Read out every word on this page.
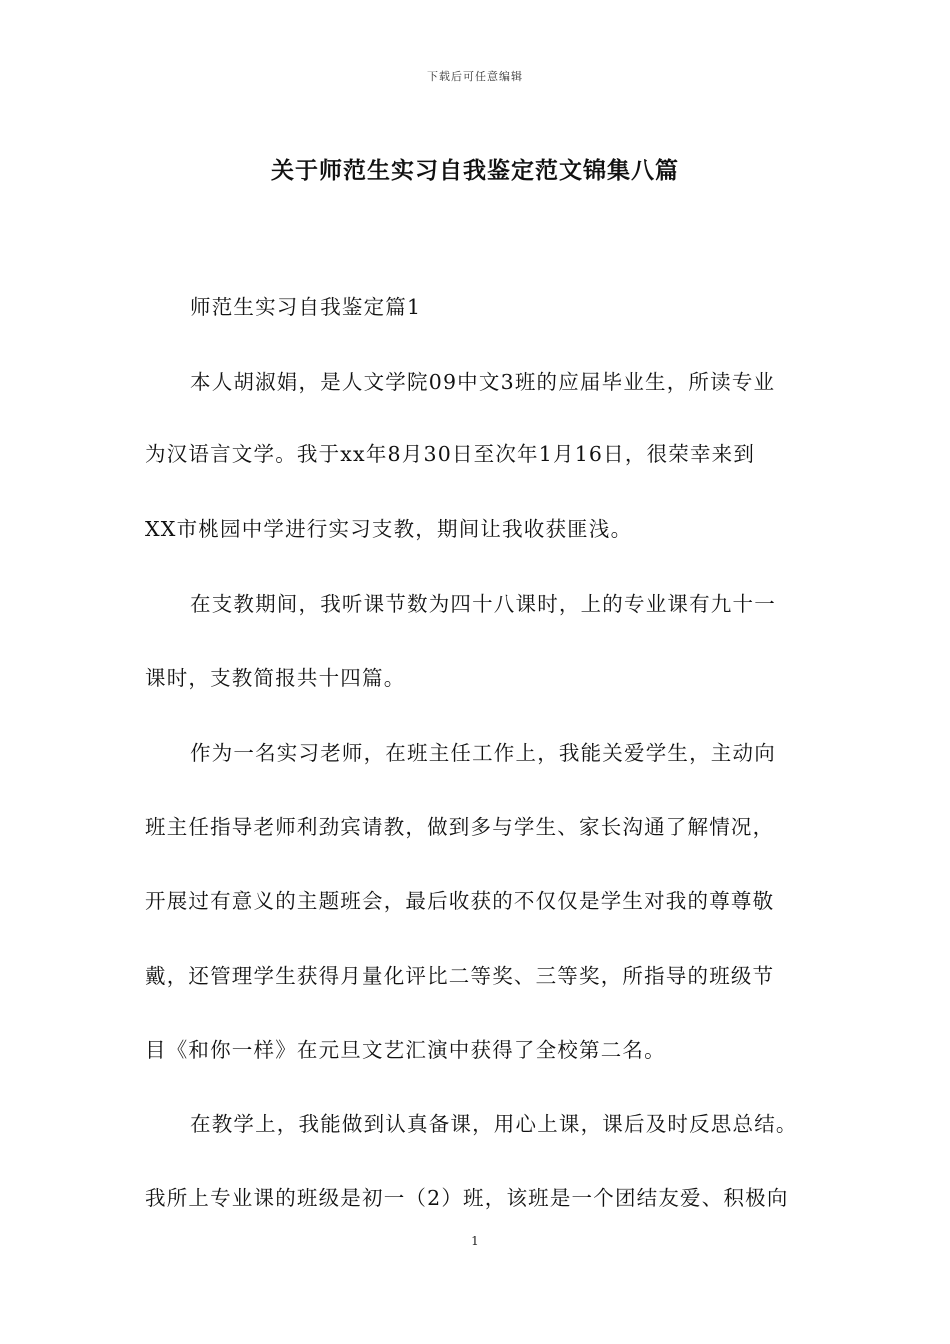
下载后可任意编辑
关于师范生实习自我鉴定范文锦集八篇
师范生实习自我鉴定篇1
本人胡淑娟，是人文学院09中文3班的应届毕业生，所读专业
为汉语言文学。我于xx年8月30日至次年1月16日，很荣幸来到
XX市桃园中学进行实习支教，期间让我收获匪浅。
在支教期间，我听课节数为四十八课时，上的专业课有九十一
课时，支教简报共十四篇。
作为一名实习老师，在班主任工作上，我能关爱学生，主动向
班主任指导老师利劲宾请教，做到多与学生、家长沟通了解情况，
开展过有意义的主题班会，最后收获的不仅仅是学生对我的尊尊敬
戴，还管理学生获得月量化评比二等奖、三等奖，所指导的班级节
目《和你一样》在元旦文艺汇演中获得了全校第二名。
在教学上，我能做到认真备课，用心上课，课后及时反思总结。
我所上专业课的班级是初一（2）班，该班是一个团结友爱、积极向
1
